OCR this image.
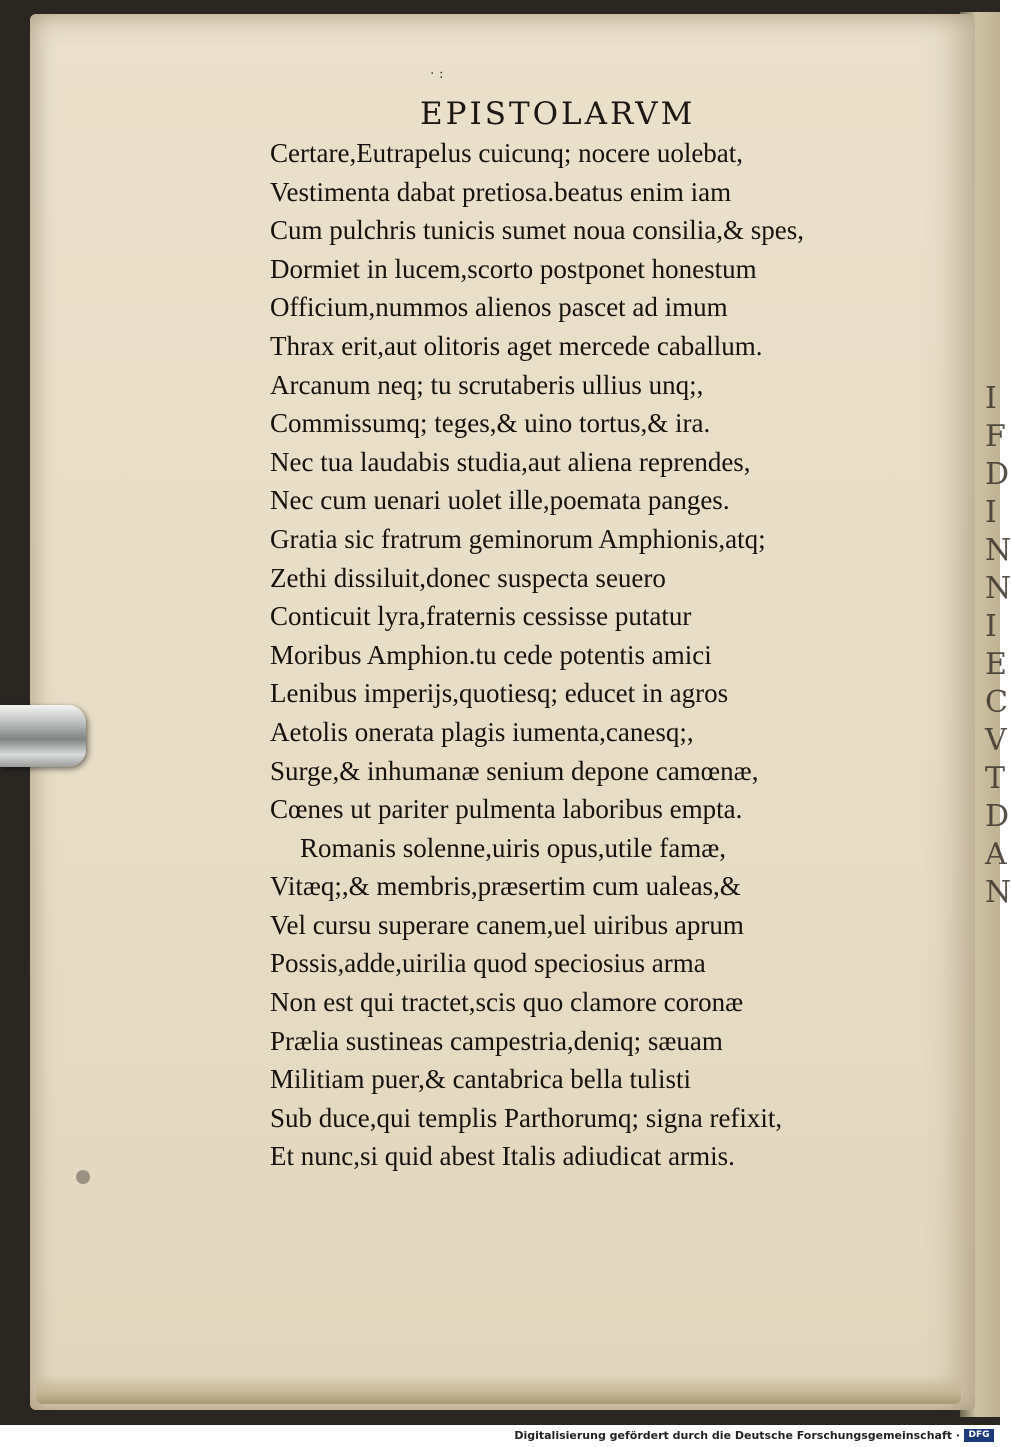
I
F
D
I
N
N
I
E
C
V
T
D
A
N
· :
EPISTOLARVM
Certare,Eutrapelus cuicunq; nocere uolebat,
Vestimenta dabat pretiosa.beatus enim iam
Cum pulchris tunicis sumet noua consilia,& spes,
Dormiet in lucem,scorto postponet honestum
Officium,nummos alienos pascet ad imum
Thrax erit,aut olitoris aget mercede caballum.
Arcanum neq; tu scrutaberis ullius unq;,
Commissumq; teges,& uino tortus,& ira.
Nec tua laudabis studia,aut aliena reprendes,
Nec cum uenari uolet ille,poemata panges.
Gratia sic fratrum geminorum Amphionis,atq;
Zethi dissiluit,donec suspecta seuero
Conticuit lyra,fraternis cessisse putatur
Moribus Amphion.tu cede potentis amici
Lenibus imperijs,quotiesq; educet in agros
Aetolis onerata plagis iumenta,canesq;,
Surge,& inhumanæ senium depone camœnæ,
Cœnes ut pariter pulmenta laboribus empta.
Romanis solenne,uiris opus,utile famæ,
Vitæq;,& membris,præsertim cum ualeas,&
Vel cursu superare canem,uel uiribus aprum
Possis,adde,uirilia quod speciosius arma
Non est qui tractet,scis quo clamore coronæ
Prælia sustineas campestria,deniq; sæuam
Militiam puer,& cantabrica bella tulisti
Sub duce,qui templis Parthorumq; signa refixit,
Et nunc,si quid abest Italis adiudicat armis.
Digitalisierung gefördert durch die Deutsche Forschungsgemeinschaft · DFG
